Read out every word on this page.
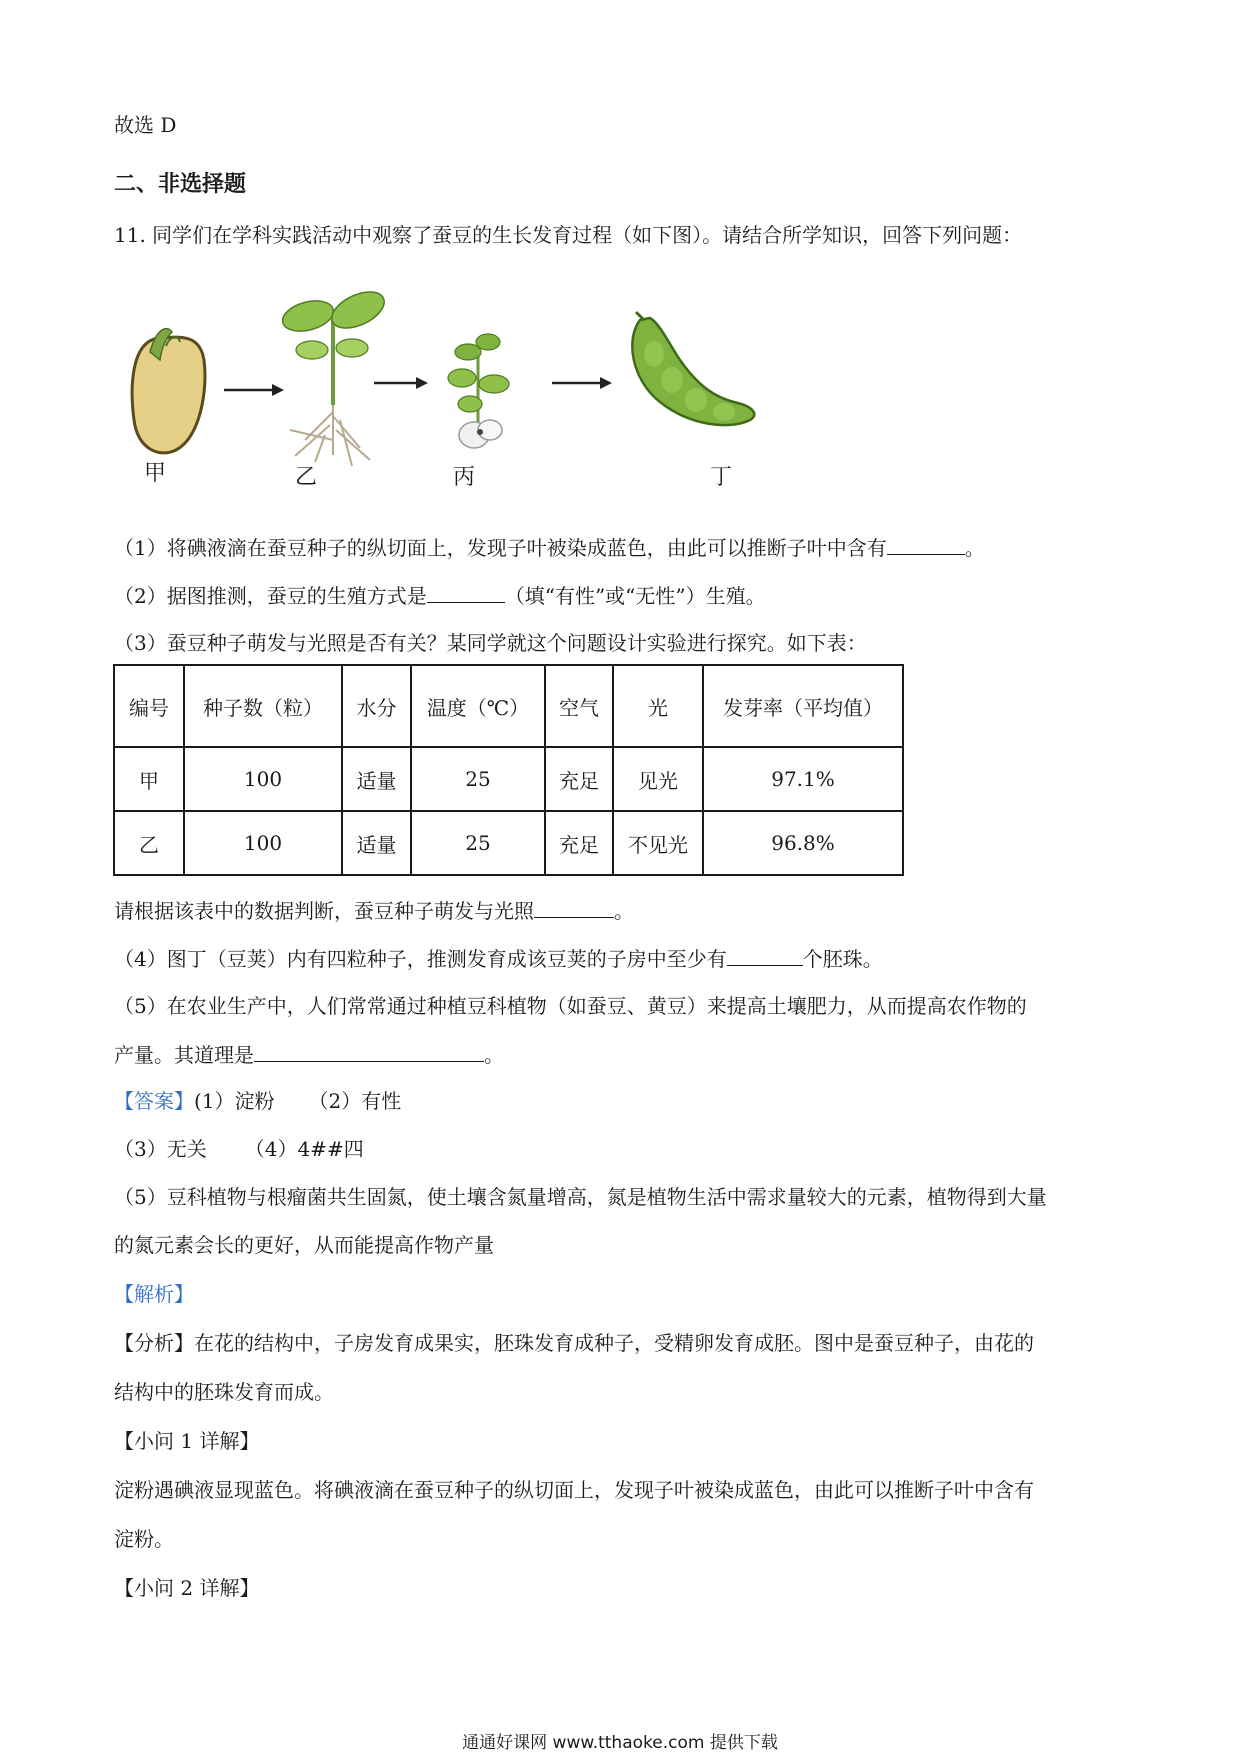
故选 D
二、非选择题
11. 同学们在学科实践活动中观察了蚕豆的生长发育过程（如下图）。请结合所学知识，回答下列问题：
甲	乙	丙	丁
（1）将碘液滴在蚕豆种子的纵切面上，发现子叶被染成蓝色，由此可以推断子叶中含有	。
（2）据图推测，蚕豆的生殖方式是	（填“有性”或“无性”）生殖。
（3）蚕豆种子萌发与光照是否有关？某同学就这个问题设计实验进行探究。如下表：
编号	种子数（粒）	水分	温度（℃）	空气	光	发芽率（平均值）
甲	100	适量	25	充足	见光	97.1%
乙	100	适量	25	充足	不见光	96.8%
请根据该表中的数据判断，蚕豆种子萌发与光照	。
（4）图丁（豆荚）内有四粒种子，推测发育成该豆荚的子房中至少有	个胚珠。
（5）在农业生产中，人们常常通过种植豆科植物（如蚕豆、黄豆）来提高土壤肥力，从而提高农作物的
产量。其道理是	。
【答案】(1）淀粉 （2）有性
（3）无关 （4）4##四
（5）豆科植物与根瘤菌共生固氮，使土壤含氮量增高，氮是植物生活中需求量较大的元素，植物得到大量
的氮元素会长的更好，从而能提高作物产量
【解析】
【分析】在花的结构中，子房发育成果实，胚珠发育成种子，受精卵发育成胚。图中是蚕豆种子，由花的
结构中的胚珠发育而成。
【小问 1 详解】
淀粉遇碘液显现蓝色。将碘液滴在蚕豆种子的纵切面上，发现子叶被染成蓝色，由此可以推断子叶中含有
淀粉。
【小问 2 详解】
通通好课网 www.tthaoke.com 提供下载
